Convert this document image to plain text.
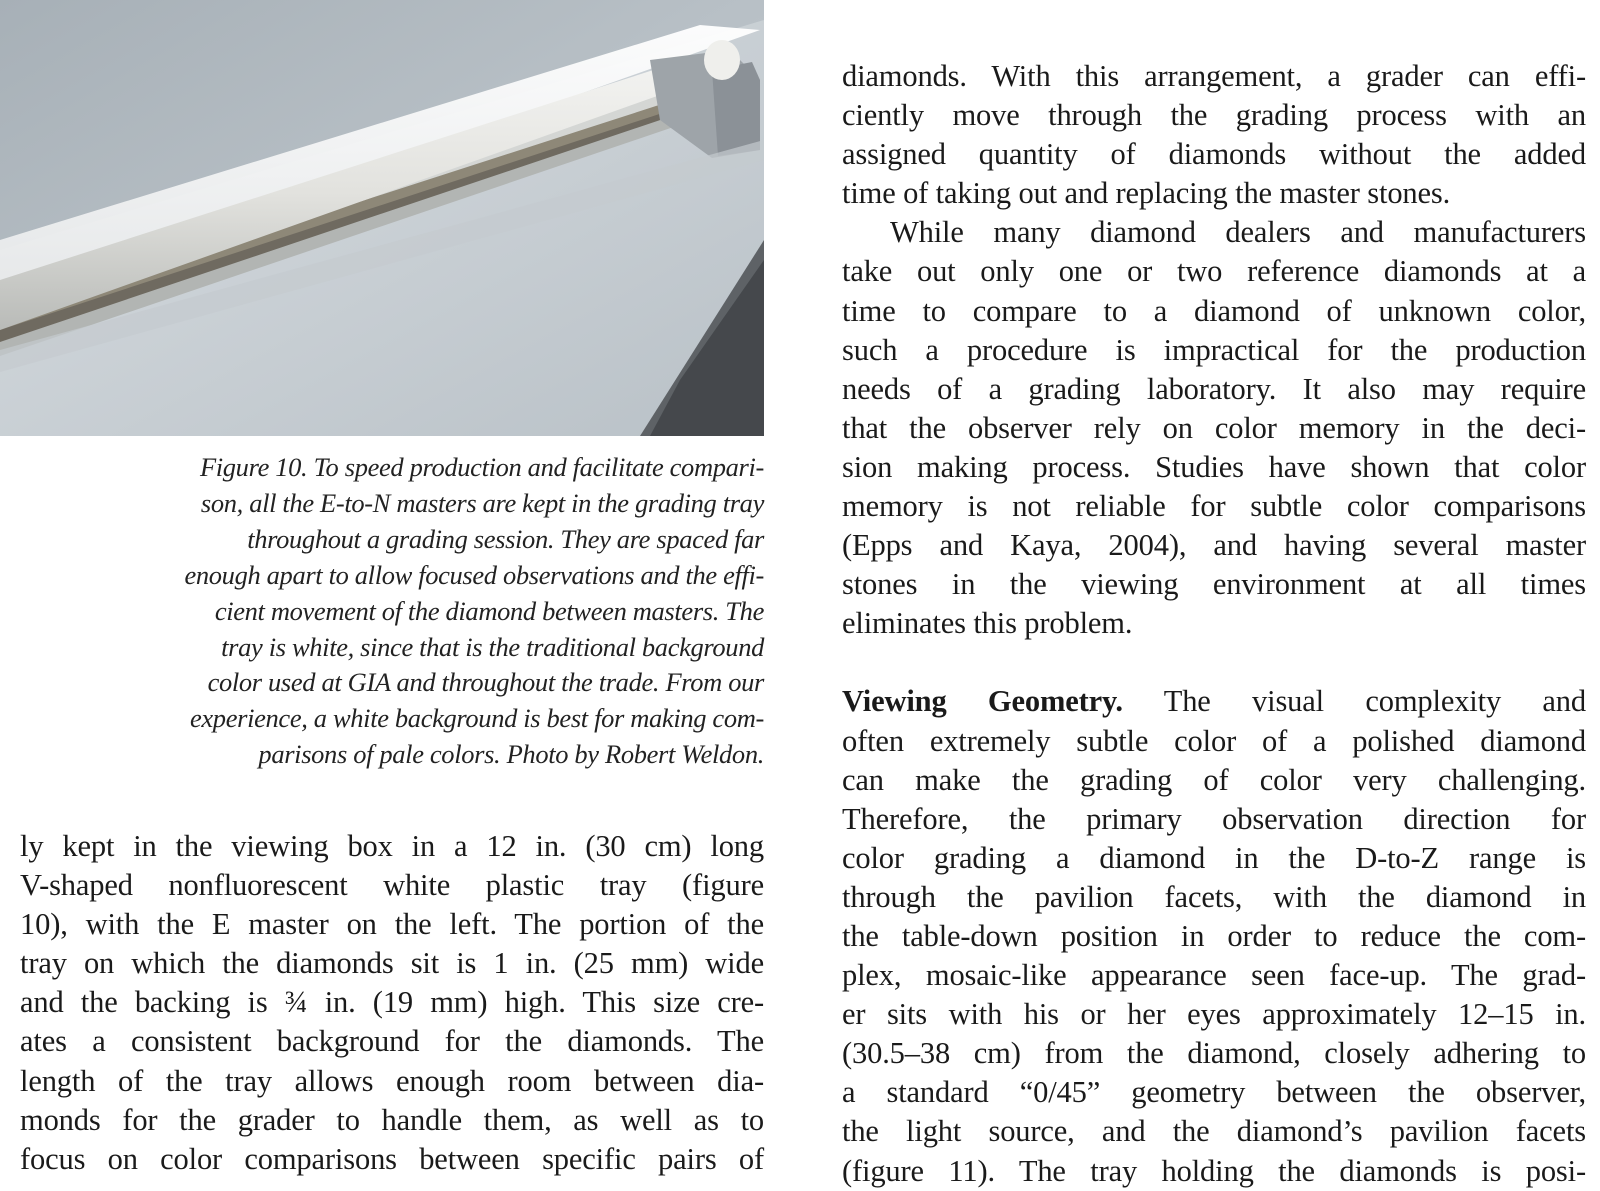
Figure 10. To speed production and facilitate compari-
son, all the E-to-N masters are kept in the grading tray
throughout a grading session. They are spaced far
enough apart to allow focused observations and the effi-
cient movement of the diamond between masters. The
tray is white, since that is the traditional background
color used at GIA and throughout the trade. From our
experience, a white background is best for making com-
parisons of pale colors. Photo by Robert Weldon.
ly kept in the viewing box in a 12 in. (30 cm) long
V-shaped nonfluorescent white plastic tray (figure
10), with the E master on the left. The portion of the
tray on which the diamonds sit is 1 in. (25 mm) wide
and the backing is ¾ in. (19 mm) high. This size cre-
ates a consistent background for the diamonds. The
length of the tray allows enough room between dia-
monds for the grader to handle them, as well as to
focus on color comparisons between specific pairs of
diamonds. With this arrangement, a grader can effi-
ciently move through the grading process with an
assigned quantity of diamonds without the added
time of taking out and replacing the master stones.
While many diamond dealers and manufacturers
take out only one or two reference diamonds at a
time to compare to a diamond of unknown color,
such a procedure is impractical for the production
needs of a grading laboratory. It also may require
that the observer rely on color memory in the deci-
sion making process. Studies have shown that color
memory is not reliable for subtle color comparisons
(Epps and Kaya, 2004), and having several master
stones in the viewing environment at all times
eliminates this problem.
Viewing Geometry. The visual complexity and
often extremely subtle color of a polished diamond
can make the grading of color very challenging.
Therefore, the primary observation direction for
color grading a diamond in the D-to-Z range is
through the pavilion facets, with the diamond in
the table-down position in order to reduce the com-
plex, mosaic-like appearance seen face-up. The grad-
er sits with his or her eyes approximately 12–15 in.
(30.5–38 cm) from the diamond, closely adhering to
a standard “0/45” geometry between the observer,
the light source, and the diamond’s pavilion facets
(figure 11). The tray holding the diamonds is posi-
